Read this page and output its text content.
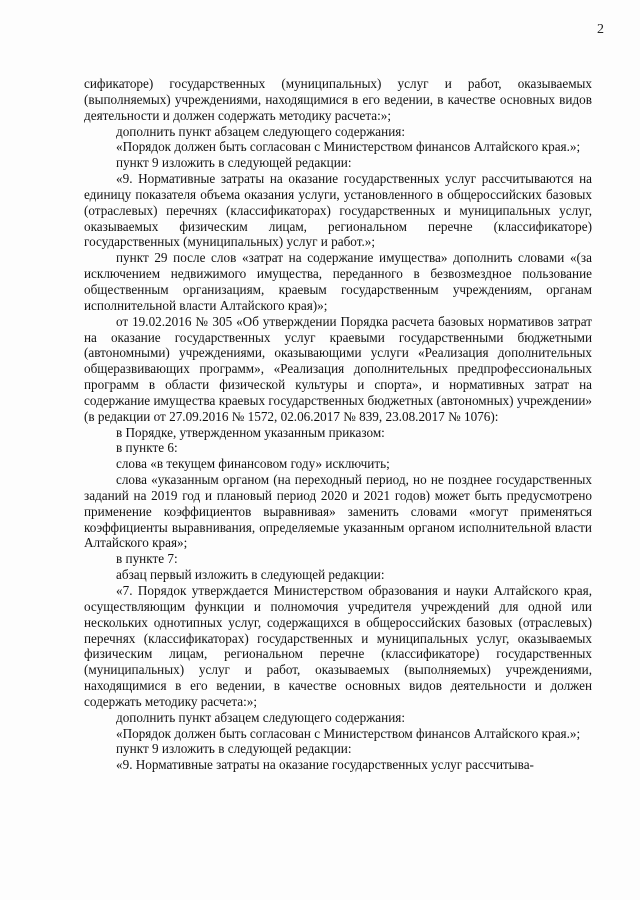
2

сификаторе) государственных (муниципальных) услуг и работ, оказываемых (выполняемых) учреждениями, находящимися в его ведении, в качестве основных видов деятельности и должен содержать методику расчета:»;

дополнить пункт абзацем следующего содержания:

«Порядок должен быть согласован с Министерством финансов Алтайского края.»;

пункт 9 изложить в следующей редакции:

«9. Нормативные затраты на оказание государственных услуг рассчитываются на единицу показателя объема оказания услуги, установленного в общероссийских базовых (отраслевых) перечнях (классификаторах) государственных и муниципальных услуг, оказываемых физическим лицам, региональном перечне (классификаторе) государственных (муниципальных) услуг и работ.»;

пункт 29 после слов «затрат на содержание имущества» дополнить словами «(за исключением недвижимого имущества, переданного в безвозмездное пользование общественным организациям, краевым государственным учреждениям, органам исполнительной власти Алтайского края)»;

от 19.02.2016 № 305 «Об утверждении Порядка расчета базовых нормативов затрат на оказание государственных услуг краевыми государственными бюджетными (автономными) учреждениями, оказывающими услуги «Реализация дополнительных общеразвивающих программ», «Реализация дополнительных предпрофессиональных программ в области физической культуры и спорта», и нормативных затрат на содержание имущества краевых государственных бюджетных (автономных) учреждении» (в редакции от 27.09.2016 № 1572, 02.06.2017 № 839, 23.08.2017 № 1076):

в Порядке, утвержденном указанным приказом:

в пункте 6:

слова «в текущем финансовом году» исключить;

слова «указанным органом (на переходный период, но не позднее государственных заданий на 2019 год и плановый период 2020 и 2021 годов) может быть предусмотрено применение коэффициентов выравнивая» заменить словами «могут применяться коэффициенты выравнивания, определяемые указанным органом исполнительной власти Алтайского края»;

в пункте 7:

абзац первый изложить в следующей редакции:

«7. Порядок утверждается Министерством образования и науки Алтайского края, осуществляющим функции и полномочия учредителя учреждений для одной или нескольких однотипных услуг, содержащихся в общероссийских базовых (отраслевых) перечнях (классификаторах) государственных и муниципальных услуг, оказываемых физическим лицам, региональном перечне (классификаторе) государственных (муниципальных) услуг и работ, оказываемых (выполняемых) учреждениями, находящимися в его ведении, в качестве основных видов деятельности и должен содержать методику расчета:»;

дополнить пункт абзацем следующего содержания:

«Порядок должен быть согласован с Министерством финансов Алтайского края.»;

пункт 9 изложить в следующей редакции:

«9. Нормативные затраты на оказание государственных услуг рассчитыва-
